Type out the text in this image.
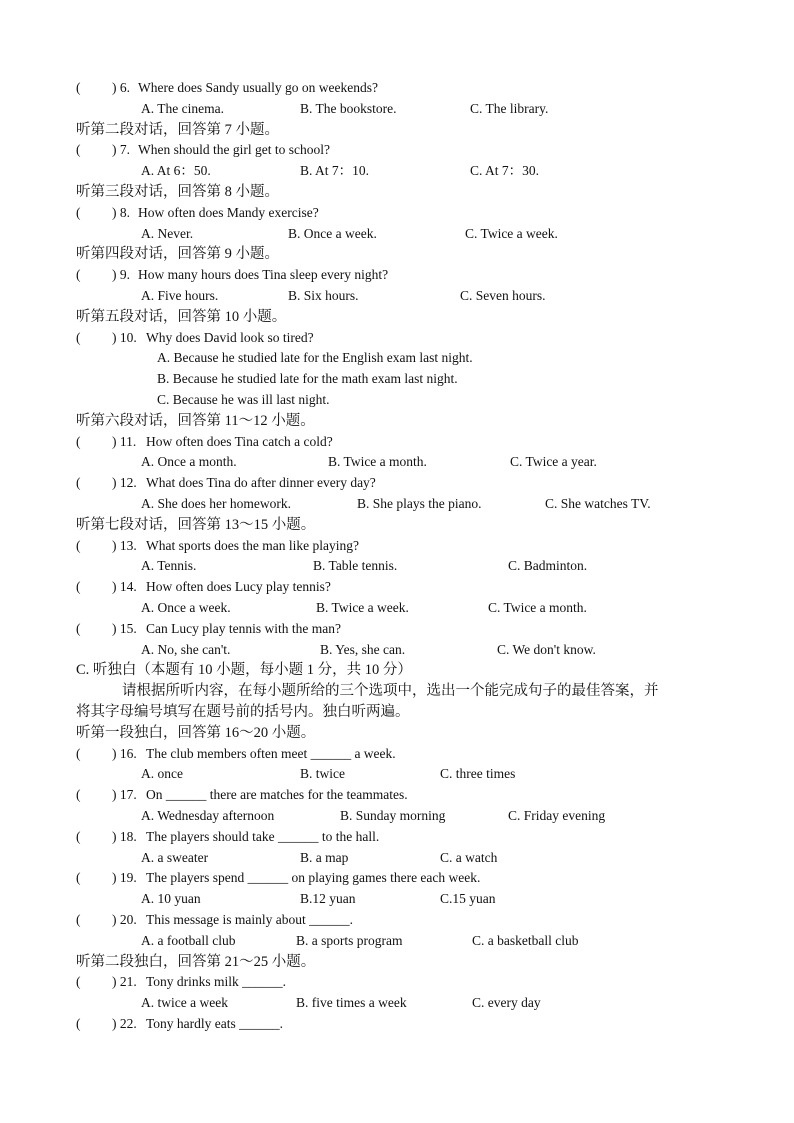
( ) 6. Where does Sandy usually go on weekends?
A. The cinema.	B. The bookstore.	C. The library.
听第二段对话，回答第 7 小题。
( ) 7. When should the girl get to school?
A. At 6：50.	B. At 7：10.	C. At 7：30.
听第三段对话，回答第 8 小题。
( ) 8. How often does Mandy exercise?
A. Never.	B. Once a week.	C. Twice a week.
听第四段对话，回答第 9 小题。
( ) 9. How many hours does Tina sleep every night?
A. Five hours.	B. Six hours.	C. Seven hours.
听第五段对话，回答第 10 小题。
( ) 10. Why does David look so tired?
A. Because he studied late for the English exam last night.
B. Because he studied late for the math exam last night.
C. Because he was ill last night.
听第六段对话，回答第 11～12 小题。
( ) 11. How often does Tina catch a cold?
A. Once a month.	B. Twice a month.	C. Twice a year.
( ) 12. What does Tina do after dinner every day?
A. She does her homework.	B. She plays the piano.	C. She watches TV.
听第七段对话，回答第 13～15 小题。
( ) 13. What sports does the man like playing?
A. Tennis.	B. Table tennis.	C. Badminton.
( ) 14. How often does Lucy play tennis?
A. Once a week.	B. Twice a week.	C. Twice a month.
( ) 15. Can Lucy play tennis with the man?
A. No, she can't.	B. Yes, she can.	C. We don't know.
C. 听独白（本题有 10 小题，每小题 1 分，共 10 分）
请根据所听内容，在每小题所给的三个选项中，选出一个能完成句子的最佳答案，并
将其字母编号填写在题号前的括号内。独白听两遍。
听第一段独白，回答第 16～20 小题。
( ) 16. The club members often meet ______ a week.
A. once	B. twice	C. three times
( ) 17. On ______ there are matches for the teammates.
A. Wednesday afternoon	B. Sunday morning	C. Friday evening
( ) 18. The players should take ______ to the hall.
A. a sweater	B. a map	C. a watch
( ) 19. The players spend ______ on playing games there each week.
A. 10 yuan	B.12 yuan	C.15 yuan
( ) 20. This message is mainly about ______.
A. a football club	B. a sports program	C. a basketball club
听第二段独白，回答第 21～25 小题。
( ) 21. Tony drinks milk ______.
A. twice a week	B. five times a week	C. every day
( ) 22. Tony hardly eats ______.
